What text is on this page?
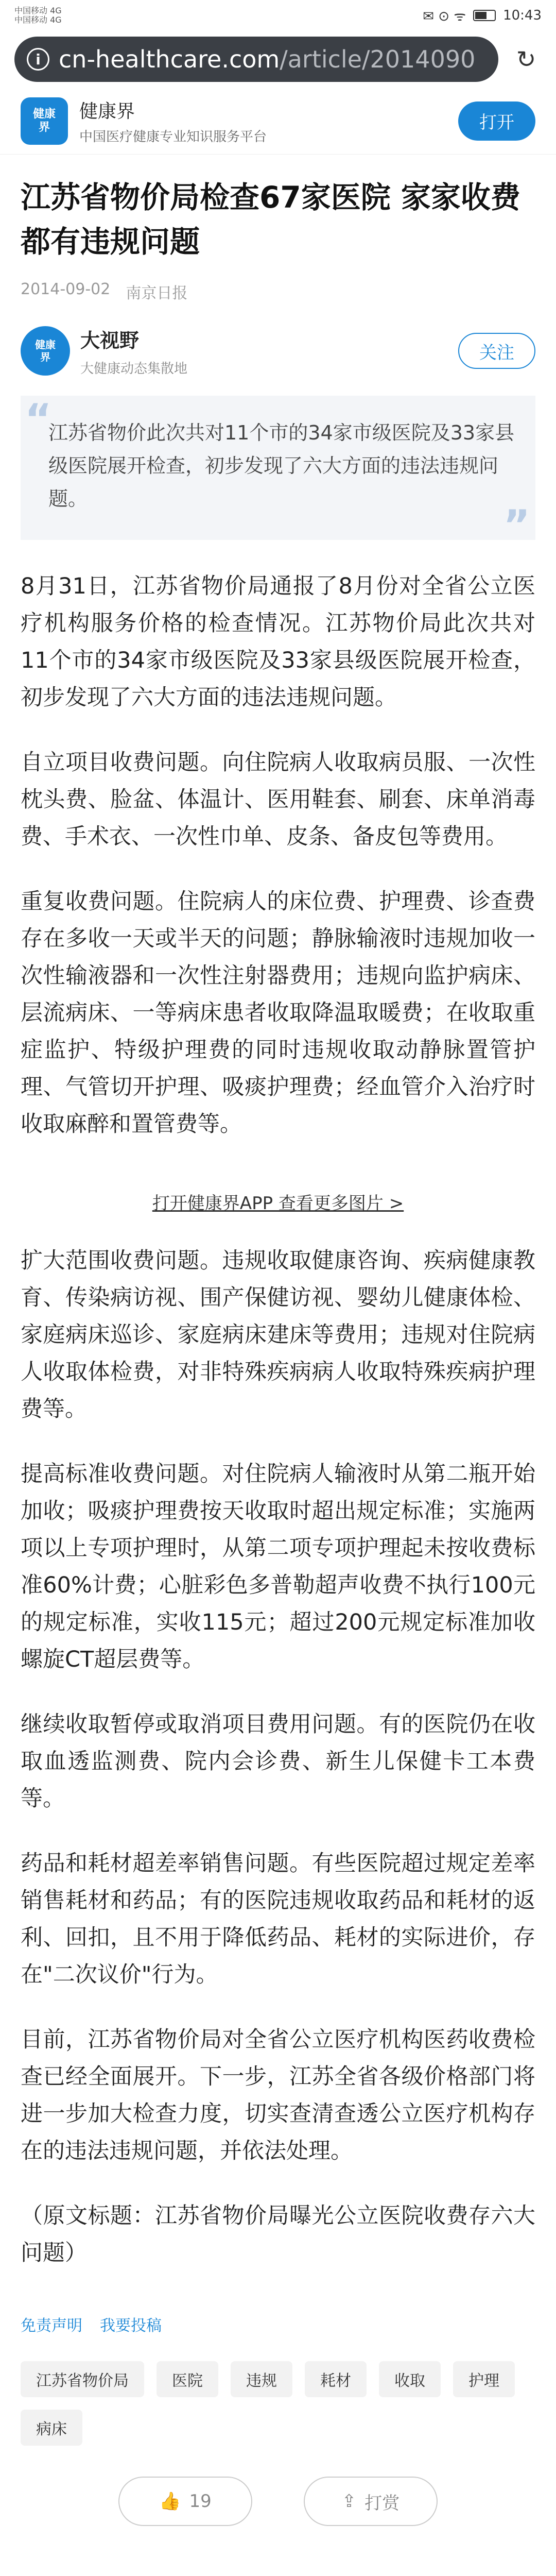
中国移动 4G
中国移动 4G	✉ ⊙ ᯤ	10:43
i cn-healthcare.com/article/2014090 ↻
健康
界
健康界
中国医疗健康专业知识服务平台
打开
江苏省物价局检查67家医院 家家收费都有违规问题
2014-09-02 南京日报
健康
界
大视野
大健康动态集散地
关注
“
江苏省物价此次共对11个市的34家市级医院及33家县级医院展开检查，初步发现了六大方面的违法违规问题。
”

8月31日，江苏省物价局通报了8月份对全省公立医疗机构服务价格的检查情况。江苏物价局此次共对11个市的34家市级医院及33家县级医院展开检查，初步发现了六大方面的违法违规问题。

自立项目收费问题。向住院病人收取病员服、一次性枕头费、脸盆、体温计、医用鞋套、刷套、床单消毒费、手术衣、一次性巾单、皮条、备皮包等费用。

重复收费问题。住院病人的床位费、护理费、诊查费存在多收一天或半天的问题；静脉输液时违规加收一次性输液器和一次性注射器费用；违规向监护病床、层流病床、一等病床患者收取降温取暖费；在收取重症监护、特级护理费的同时违规收取动静脉置管护理、气管切开护理、吸痰护理费；经血管介入治疗时收取麻醉和置管费等。

打开健康界APP 查看更多图片 >

扩大范围收费问题。违规收取健康咨询、疾病健康教育、传染病访视、围产保健访视、婴幼儿健康体检、家庭病床巡诊、家庭病床建床等费用；违规对住院病人收取体检费，对非特殊疾病病人收取特殊疾病护理费等。

提高标准收费问题。对住院病人输液时从第二瓶开始加收；吸痰护理费按天收取时超出规定标准；实施两项以上专项护理时，从第二项专项护理起未按收费标准60%计费；心脏彩色多普勒超声收费不执行100元的规定标准，实收115元；超过200元规定标准加收螺旋CT超层费等。

继续收取暂停或取消项目费用问题。有的医院仍在收取血透监测费、院内会诊费、新生儿保健卡工本费等。

药品和耗材超差率销售问题。有些医院超过规定差率销售耗材和药品；有的医院违规收取药品和耗材的返利、回扣，且不用于降低药品、耗材的实际进价，存在"二次议价"行为。

目前，江苏省物价局对全省公立医疗机构医药收费检查已经全面展开。下一步，江苏全省各级价格部门将进一步加大检查力度，切实查清查透公立医疗机构存在的违法违规问题，并依法处理。

（原文标题：江苏省物价局曝光公立医院收费存六大问题）

免责声明 我要投稿
江苏省物价局	医院	违规	耗材	收取	护理
病床
👍 19	⇪ 打赏
